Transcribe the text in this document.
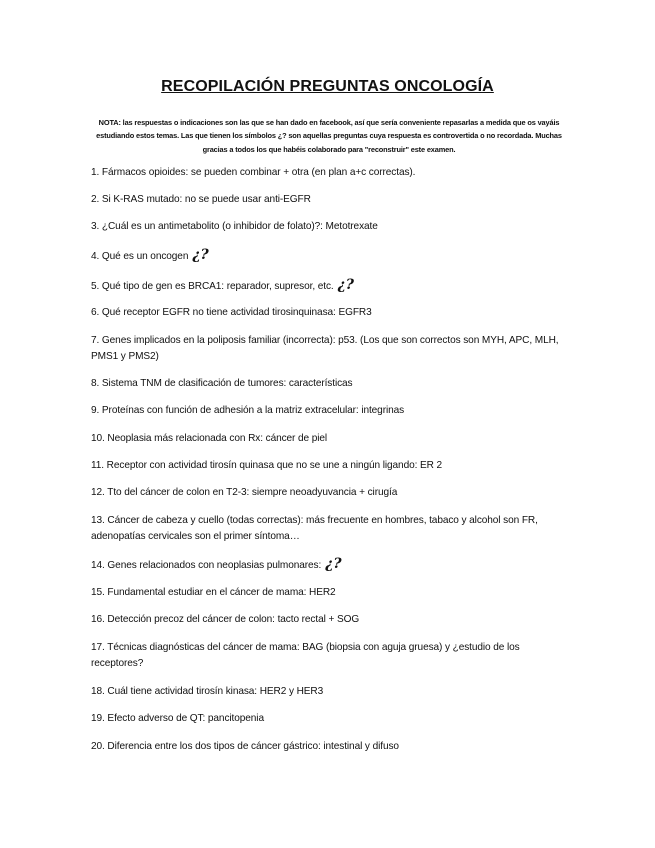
RECOPILACIÓN PREGUNTAS ONCOLOGÍA
NOTA: las respuestas o indicaciones son las que se han dado en facebook, así que sería conveniente repasarlas a medida que os vayáis estudiando estos temas. Las que tienen los símbolos ¿? son aquellas preguntas cuya respuesta es controvertida o no recordada. Muchas gracias a todos los que habéis colaborado para "reconstruir" este examen.
1. Fármacos opioides: se pueden combinar + otra (en plan a+c correctas).
2. Si K-RAS mutado: no se puede usar anti-EGFR
3. ¿Cuál es un antimetabolito (o inhibidor de folato)?: Metotrexate
4. Qué es un oncogen ¿?
5. Qué tipo de gen es BRCA1: reparador, supresor, etc. ¿?
6. Qué receptor EGFR no tiene actividad tirosinquinasa: EGFR3
7. Genes implicados en la poliposis familiar (incorrecta): p53. (Los que son correctos son MYH, APC, MLH, PMS1 y PMS2)
8. Sistema TNM de clasificación de tumores: características
9. Proteínas con función de adhesión a la matriz extracelular: integrinas
10. Neoplasia más relacionada con Rx: cáncer de piel
11. Receptor con actividad tirosín quinasa que no se une a ningún ligando: ER 2
12. Tto del cáncer de colon en T2-3: siempre neoadyuvancia + cirugía
13. Cáncer de cabeza y cuello (todas correctas): más frecuente en hombres, tabaco y alcohol son FR, adenopatías cervicales son el primer síntoma…
14. Genes relacionados con neoplasias pulmonares: ¿?
15. Fundamental estudiar en el cáncer de mama: HER2
16. Detección precoz del cáncer de colon: tacto rectal + SOG
17. Técnicas diagnósticas del cáncer de mama: BAG (biopsia con aguja gruesa) y ¿estudio de los receptores?
18. Cuál tiene actividad tirosín kinasa: HER2 y HER3
19. Efecto adverso de QT: pancitopenia
20. Diferencia entre los dos tipos de cáncer gástrico: intestinal y difuso
